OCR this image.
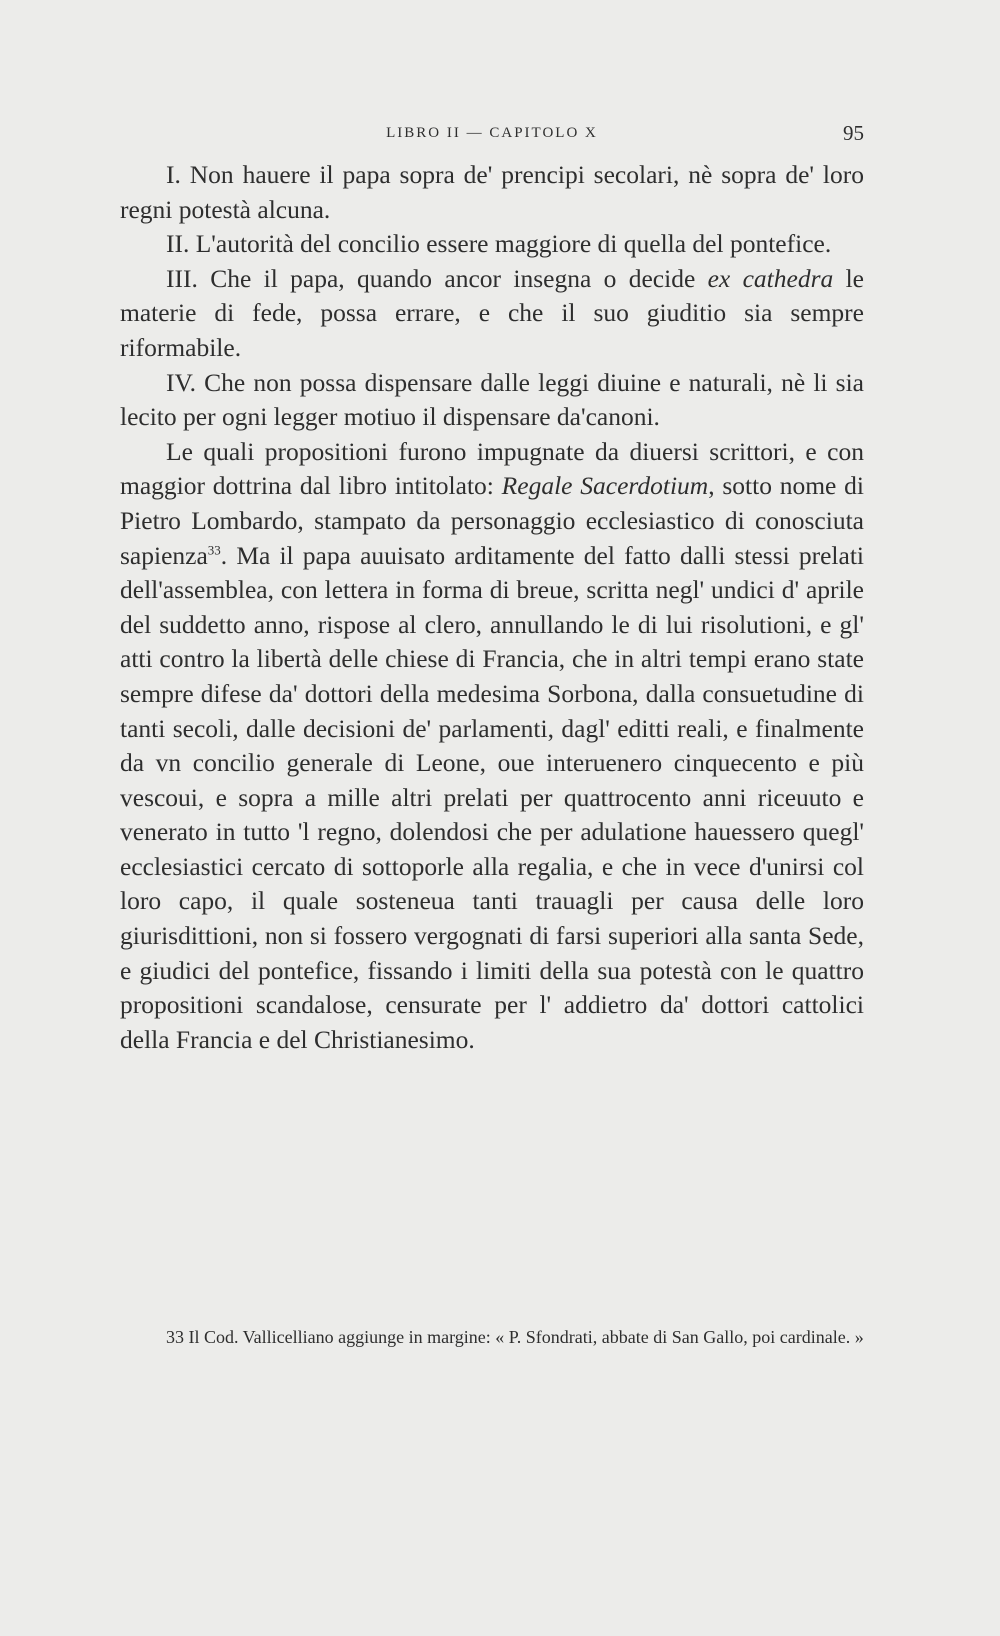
LIBRO II — CAPITOLO X	95

I. Non hauere il papa sopra de' prencipi secolari, nè sopra de' loro regni potestà alcuna.

II. L'autorità del concilio essere maggiore di quella del pontefice.

III. Che il papa, quando ancor insegna o decide ex cathedra le materie di fede, possa errare, e che il suo giuditio sia sempre riformabile.

IV. Che non possa dispensare dalle leggi diuine e naturali, nè li sia lecito per ogni legger motiuo il dispensare da'canoni.

Le quali propositioni furono impugnate da diuersi scrittori, e con maggior dottrina dal libro intitolato: Regale Sacerdotium, sotto nome di Pietro Lombardo, stampato da personaggio ecclesiastico di conosciuta sapienza$^{33}$. Ma il papa auuisato arditamente del fatto dalli stessi prelati dell'assemblea, con lettera in forma di breue, scritta negl' undici d' aprile del suddetto anno, rispose al clero, annullando le di lui risolutioni, e gl' atti contro la libertà delle chiese di Francia, che in altri tempi erano state sempre difese da' dottori della medesima Sorbona, dalla consuetudine di tanti secoli, dalle decisioni de' parlamenti, dagl' editti reali, e finalmente da vn concilio generale di Leone, oue interuenero cinquecento e più vescoui, e sopra a mille altri prelati per quattrocento anni riceuuto e venerato in tutto 'l regno, dolendosi che per adulatione hauessero quegl' ecclesiastici cercato di sottoporle alla regalia, e che in vece d'unirsi col loro capo, il quale sosteneua tanti trauagli per causa delle loro giurisdittioni, non si fossero vergognati di farsi superiori alla santa Sede, e giudici del pontefice, fissando i limiti della sua potestà con le quattro propositioni scandalose, censurate per l' addietro da' dottori cattolici della Francia e del Christianesimo.

33 Il Cod. Vallicelliano aggiunge in margine: « P. Sfondrati, abbate di San Gallo, poi cardinale. »
